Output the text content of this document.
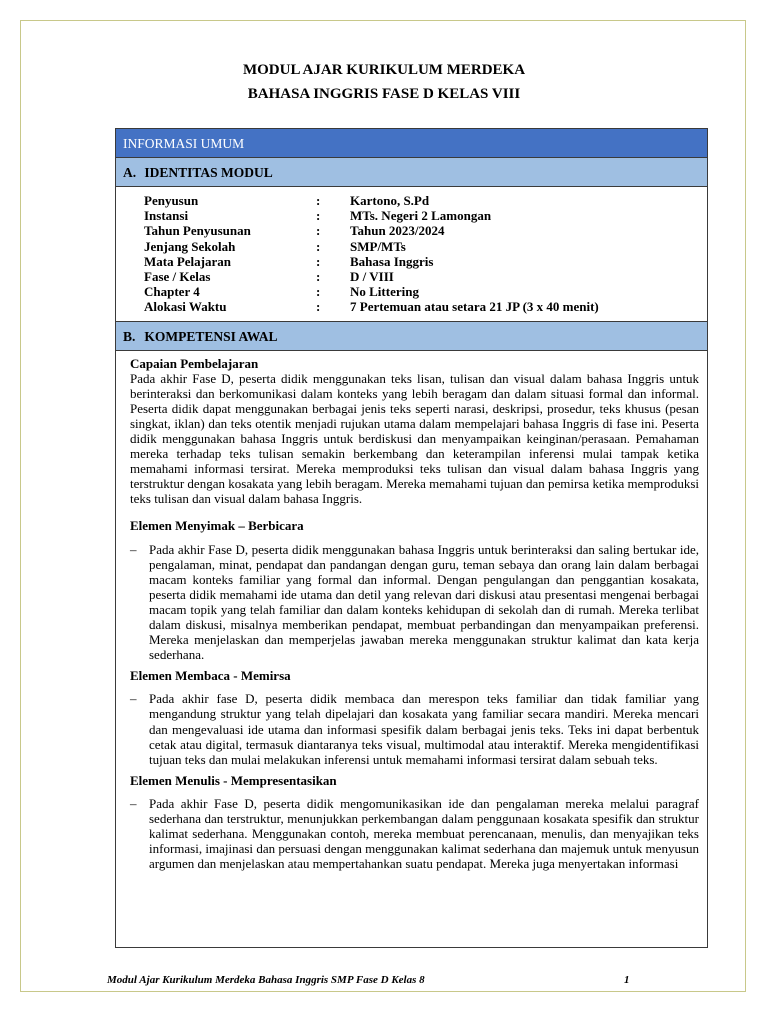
MODUL AJAR KURIKULUM MERDEKA
BAHASA INGGRIS FASE D KELAS VIII
INFORMASI UMUM
A. IDENTITAS MODUL
Penyusun	:	Kartono, S.Pd
Instansi	:	MTs. Negeri 2 Lamongan
Tahun Penyusunan	:	Tahun 2023/2024
Jenjang Sekolah	:	SMP/MTs
Mata Pelajaran	:	Bahasa Inggris
Fase / Kelas	:	D / VIII
Chapter 4	:	No Littering
Alokasi Waktu	:	7 Pertemuan atau setara 21 JP (3 x 40 menit)
B. KOMPETENSI AWAL

Capaian Pembelajaran

Pada akhir Fase D, peserta didik menggunakan teks lisan, tulisan dan visual dalam bahasa Inggris untuk berinteraksi dan berkomunikasi dalam konteks yang lebih beragam dan dalam situasi formal dan informal. Peserta didik dapat menggunakan berbagai jenis teks seperti narasi, deskripsi, prosedur, teks khusus (pesan singkat, iklan) dan teks otentik menjadi rujukan utama dalam mempelajari bahasa Inggris di fase ini. Peserta didik menggunakan bahasa Inggris untuk berdiskusi dan menyampaikan keinginan/perasaan. Pemahaman mereka terhadap teks tulisan semakin berkembang dan keterampilan inferensi mulai tampak ketika memahami informasi tersirat. Mereka memproduksi teks tulisan dan visual dalam bahasa Inggris yang terstruktur dengan kosakata yang lebih beragam. Mereka memahami tujuan dan pemirsa ketika memproduksi teks tulisan dan visual dalam bahasa Inggris.

Elemen Menyimak – Berbicara

– Pada akhir Fase D, peserta didik menggunakan bahasa Inggris untuk berinteraksi dan saling bertukar ide, pengalaman, minat, pendapat dan pandangan dengan guru, teman sebaya dan orang lain dalam berbagai macam konteks familiar yang formal dan informal. Dengan pengulangan dan penggantian kosakata, peserta didik memahami ide utama dan detil yang relevan dari diskusi atau presentasi mengenai berbagai macam topik yang telah familiar dan dalam konteks kehidupan di sekolah dan di rumah. Mereka terlibat dalam diskusi, misalnya memberikan pendapat, membuat perbandingan dan menyampaikan preferensi. Mereka menjelaskan dan memperjelas jawaban mereka menggunakan struktur kalimat dan kata kerja sederhana.

Elemen Membaca - Memirsa

– Pada akhir fase D, peserta didik membaca dan merespon teks familiar dan tidak familiar yang mengandung struktur yang telah dipelajari dan kosakata yang familiar secara mandiri. Mereka mencari dan mengevaluasi ide utama dan informasi spesifik dalam berbagai jenis teks. Teks ini dapat berbentuk cetak atau digital, termasuk diantaranya teks visual, multimodal atau interaktif. Mereka mengidentifikasi tujuan teks dan mulai melakukan inferensi untuk memahami informasi tersirat dalam sebuah teks.

Elemen Menulis - Mempresentasikan

– Pada akhir Fase D, peserta didik mengomunikasikan ide dan pengalaman mereka melalui paragraf sederhana dan terstruktur, menunjukkan perkembangan dalam penggunaan kosakata spesifik dan struktur kalimat sederhana. Menggunakan contoh, mereka membuat perencanaan, menulis, dan menyajikan teks informasi, imajinasi dan persuasi dengan menggunakan kalimat sederhana dan majemuk untuk menyusun argumen dan menjelaskan atau mempertahankan suatu pendapat. Mereka juga menyertakan informasi
Modul Ajar Kurikulum Merdeka Bahasa Inggris SMP Fase D Kelas 8	1
